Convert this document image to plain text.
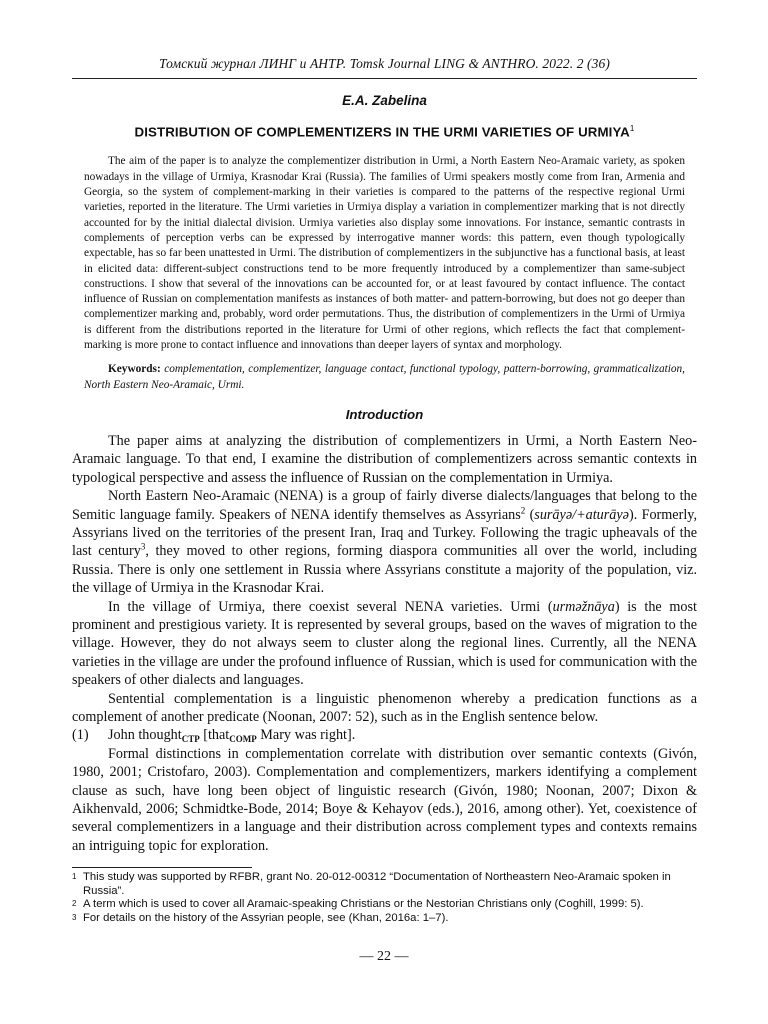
Томский журнал ЛИНГ и АНТР. Tomsk Journal LING & ANTHRO. 2022. 2 (36)
E.A. Zabelina
DISTRIBUTION OF COMPLEMENTIZERS IN THE URMI VARIETIES OF URMIYA$^1$

The aim of the paper is to analyze the complementizer distribution in Urmi, a North Eastern Neo-Aramaic variety, as spoken nowadays in the village of Urmiya, Krasnodar Krai (Russia). The families of Urmi speakers mostly come from Iran, Armenia and Georgia, so the system of complement-marking in their varieties is compared to the patterns of the respective regional Urmi varieties, reported in the literature. The Urmi varieties in Urmiya display a variation in complementizer marking that is not directly accounted for by the initial dialectal division. Urmiya varieties also display some innovations. For instance, semantic contrasts in complements of perception verbs can be expressed by interrogative manner words: this pattern, even though typologically expectable, has so far been unattested in Urmi. The distribution of complementizers in the subjunctive has a functional basis, at least in elicited data: different-subject constructions tend to be more frequently introduced by a complementizer than same-subject constructions. I show that several of the innovations can be accounted for, or at least favoured by contact influence. The contact influence of Russian on complementation manifests as instances of both matter- and pattern-borrowing, but does not go deeper than complementizer marking and, probably, word order permutations. Thus, the distribution of complementizers in the Urmi of Urmiya is different from the distributions reported in the literature for Urmi of other regions, which reflects the fact that complement-marking is more prone to contact influence and innovations than deeper layers of syntax and morphology.

Keywords: complementation, complementizer, language contact, functional typology, pattern-borrowing, grammaticalization, North Eastern Neo-Aramaic, Urmi.

Introduction

The paper aims at analyzing the distribution of complementizers in Urmi, a North Eastern Neo-Aramaic language. To that end, I examine the distribution of complementizers across semantic contexts in typological perspective and assess the influence of Russian on the complementation in Urmiya.

North Eastern Neo-Aramaic (NENA) is a group of fairly diverse dialects/languages that belong to the Semitic language family. Speakers of NENA identify themselves as Assyrians$^2$ (surāyə/+aturāyə). Formerly, Assyrians lived on the territories of the present Iran, Iraq and Turkey. Following the tragic upheavals of the last century$^3$, they moved to other regions, forming diaspora communities all over the world, including Russia. There is only one settlement in Russia where Assyrians constitute a majority of the population, viz. the village of Urmiya in the Krasnodar Krai.

In the village of Urmiya, there coexist several NENA varieties. Urmi (urməžnāya) is the most prominent and prestigious variety. It is represented by several groups, based on the waves of migration to the village. However, they do not always seem to cluster along the regional lines. Currently, all the NENA varieties in the village are under the profound influence of Russian, which is used for communication with the speakers of other dialects and languages.

Sentential complementation is a linguistic phenomenon whereby a predication functions as a complement of another predicate (Noonan, 2007: 52), such as in the English sentence below.

(1)	John thought$_{CTP}$ [that$_{COMP}$ Mary was right].

Formal distinctions in complementation correlate with distribution over semantic contexts (Givón, 1980, 2001; Cristofaro, 2003). Complementation and complementizers, markers identifying a complement clause as such, have long been object of linguistic research (Givón, 1980; Noonan, 2007; Dixon & Aikhenvald, 2006; Schmidtke-Bode, 2014; Boye & Kehayov (eds.), 2016, among other). Yet, coexistence of several complementizers in a language and their distribution across complement types and contexts remains an intriguing topic for exploration.

1 This study was supported by RFBR, grant No. 20-012-00312 “Documentation of Northeastern Neo-Aramaic spoken in Russia”.
2 A term which is used to cover all Aramaic-speaking Christians or the Nestorian Christians only (Coghill, 1999: 5).
3 For details on the history of the Assyrian people, see (Khan, 2016a: 1–7).
— 22 —
